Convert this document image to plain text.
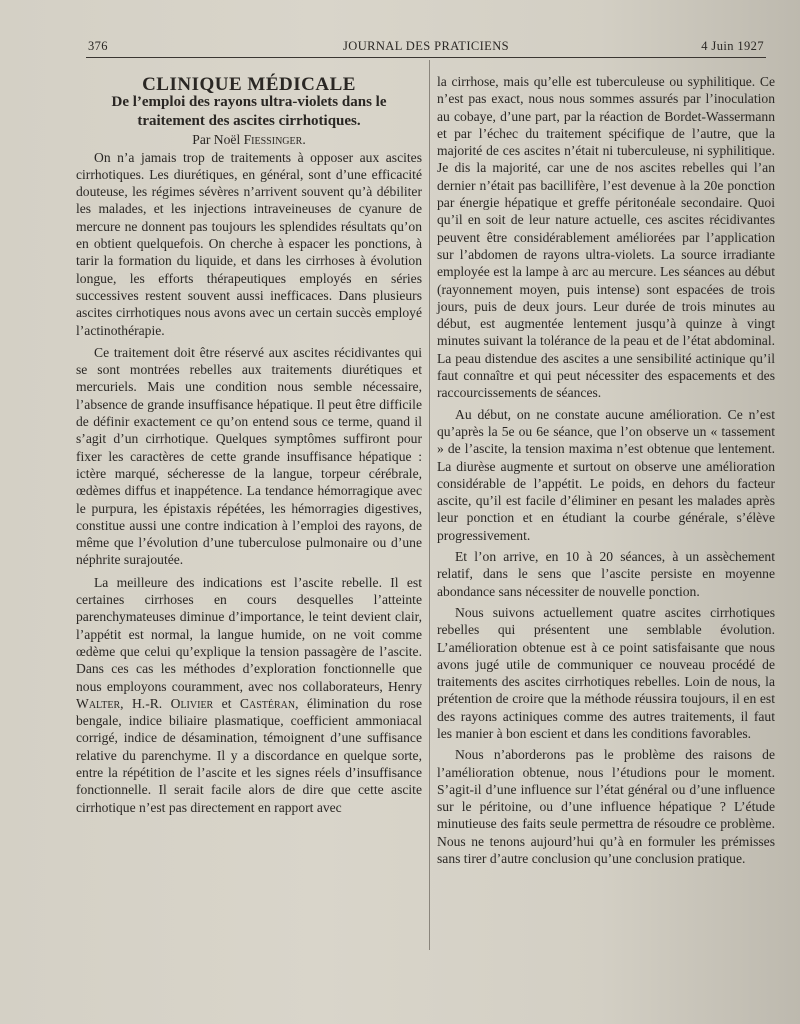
376	JOURNAL DES PRATICIENS	4 Juin 1927

CLINIQUE MÉDICALE

De l’emploi des rayons ultra-violets dans le traitement des ascites cirrhotiques.

Par Noël Fiessinger.

On n’a jamais trop de traitements à opposer aux ascites cirrhotiques. Les diurétiques, en général, sont d’une efficacité douteuse, les régimes sévères n’arrivent souvent qu’à débiliter les malades, et les injections intraveineuses de cyanure de mercure ne donnent pas toujours les splendides résultats qu’on en obtient quelquefois. On cherche à espacer les ponctions, à tarir la formation du liquide, et dans les cirrhoses à évolution longue, les efforts thérapeutiques employés en séries successives restent souvent aussi inefficaces. Dans plusieurs ascites cirrhotiques nous avons avec un certain succès employé l’actinothérapie.

Ce traitement doit être réservé aux ascites récidivantes qui se sont montrées rebelles aux traitements diurétiques et mercuriels. Mais une condition nous semble nécessaire, l’absence de grande insuffisance hépatique. Il peut être difficile de définir exactement ce qu’on entend sous ce terme, quand il s’agit d’un cirrhotique. Quelques symptômes suffiront pour fixer les caractères de cette grande insuffisance hépatique : ictère marqué, sécheresse de la langue, torpeur cérébrale, œdèmes diffus et inappétence. La tendance hémorragique avec le purpura, les épistaxis répétées, les hémorragies digestives, constitue aussi une contre indication à l’emploi des rayons, de même que l’évolution d’une tuberculose pulmonaire ou d’une néphrite surajoutée.

La meilleure des indications est l’ascite rebelle. Il est certaines cirrhoses en cours desquelles l’atteinte parenchymateuses diminue d’importance, le teint devient clair, l’appétit est normal, la langue humide, on ne voit comme œdème que celui qu’explique la tension passagère de l’ascite. Dans ces cas les méthodes d’exploration fonctionnelle que nous employons couramment, avec nos collaborateurs, Henry Walter, H.-R. Olivier et Castéran, élimination du rose bengale, indice biliaire plasmatique, coefficient ammoniacal corrigé, indice de désamination, témoignent d’une suffisance relative du parenchyme. Il y a discordance en quelque sorte, entre la répétition de l’ascite et les signes réels d’insuffisance fonctionnelle. Il serait facile alors de dire que cette ascite cirrhotique n’est pas directement en rapport avec

la cirrhose, mais qu’elle est tuberculeuse ou syphilitique. Ce n’est pas exact, nous nous sommes assurés par l’inoculation au cobaye, d’une part, par la réaction de Bordet-Wassermann et par l’échec du traitement spécifique de l’autre, que la majorité de ces ascites n’était ni tuberculeuse, ni syphilitique. Je dis la majorité, car une de nos ascites rebelles qui l’an dernier n’était pas bacillifère, l’est devenue à la 20e ponction par énergie hépatique et greffe péritonéale secondaire. Quoi qu’il en soit de leur nature actuelle, ces ascites récidivantes peuvent être considérablement améliorées par l’application sur l’abdomen de rayons ultra-violets. La source irradiante employée est la lampe à arc au mercure. Les séances au début (rayonnement moyen, puis intense) sont espacées de trois jours, puis de deux jours. Leur durée de trois minutes au début, est augmentée lentement jusqu’à quinze à vingt minutes suivant la tolérance de la peau et de l’état abdominal. La peau distendue des ascites a une sensibilité actinique qu’il faut connaître et qui peut nécessiter des espacements et des raccourcissements de séances.

Au début, on ne constate aucune amélioration. Ce n’est qu’après la 5e ou 6e séance, que l’on observe un « tassement » de l’ascite, la tension maxima n’est obtenue que lentement. La diurèse augmente et surtout on observe une amélioration considérable de l’appétit. Le poids, en dehors du facteur ascite, qu’il est facile d’éliminer en pesant les malades après leur ponction et en étudiant la courbe générale, s’élève progressivement.

Et l’on arrive, en 10 à 20 séances, à un assèchement relatif, dans le sens que l’ascite persiste en moyenne abondance sans nécessiter de nouvelle ponction.

Nous suivons actuellement quatre ascites cirrhotiques rebelles qui présentent une semblable évolution. L’amélioration obtenue est à ce point satisfaisante que nous avons jugé utile de communiquer ce nouveau procédé de traitements des ascites cirrhotiques rebelles. Loin de nous, la prétention de croire que la méthode réussira toujours, il en est des rayons actiniques comme des autres traitements, il faut les manier à bon escient et dans les conditions favorables.

Nous n’aborderons pas le problème des raisons de l’amélioration obtenue, nous l’étudions pour le moment. S’agit-il d’une influence sur l’état général ou d’une influence sur le péritoine, ou d’une influence hépatique ? L’étude minutieuse des faits seule permettra de résoudre ce problème. Nous ne tenons aujourd’hui qu’à en formuler les prémisses sans tirer d’autre conclusion qu’une conclusion pratique.
